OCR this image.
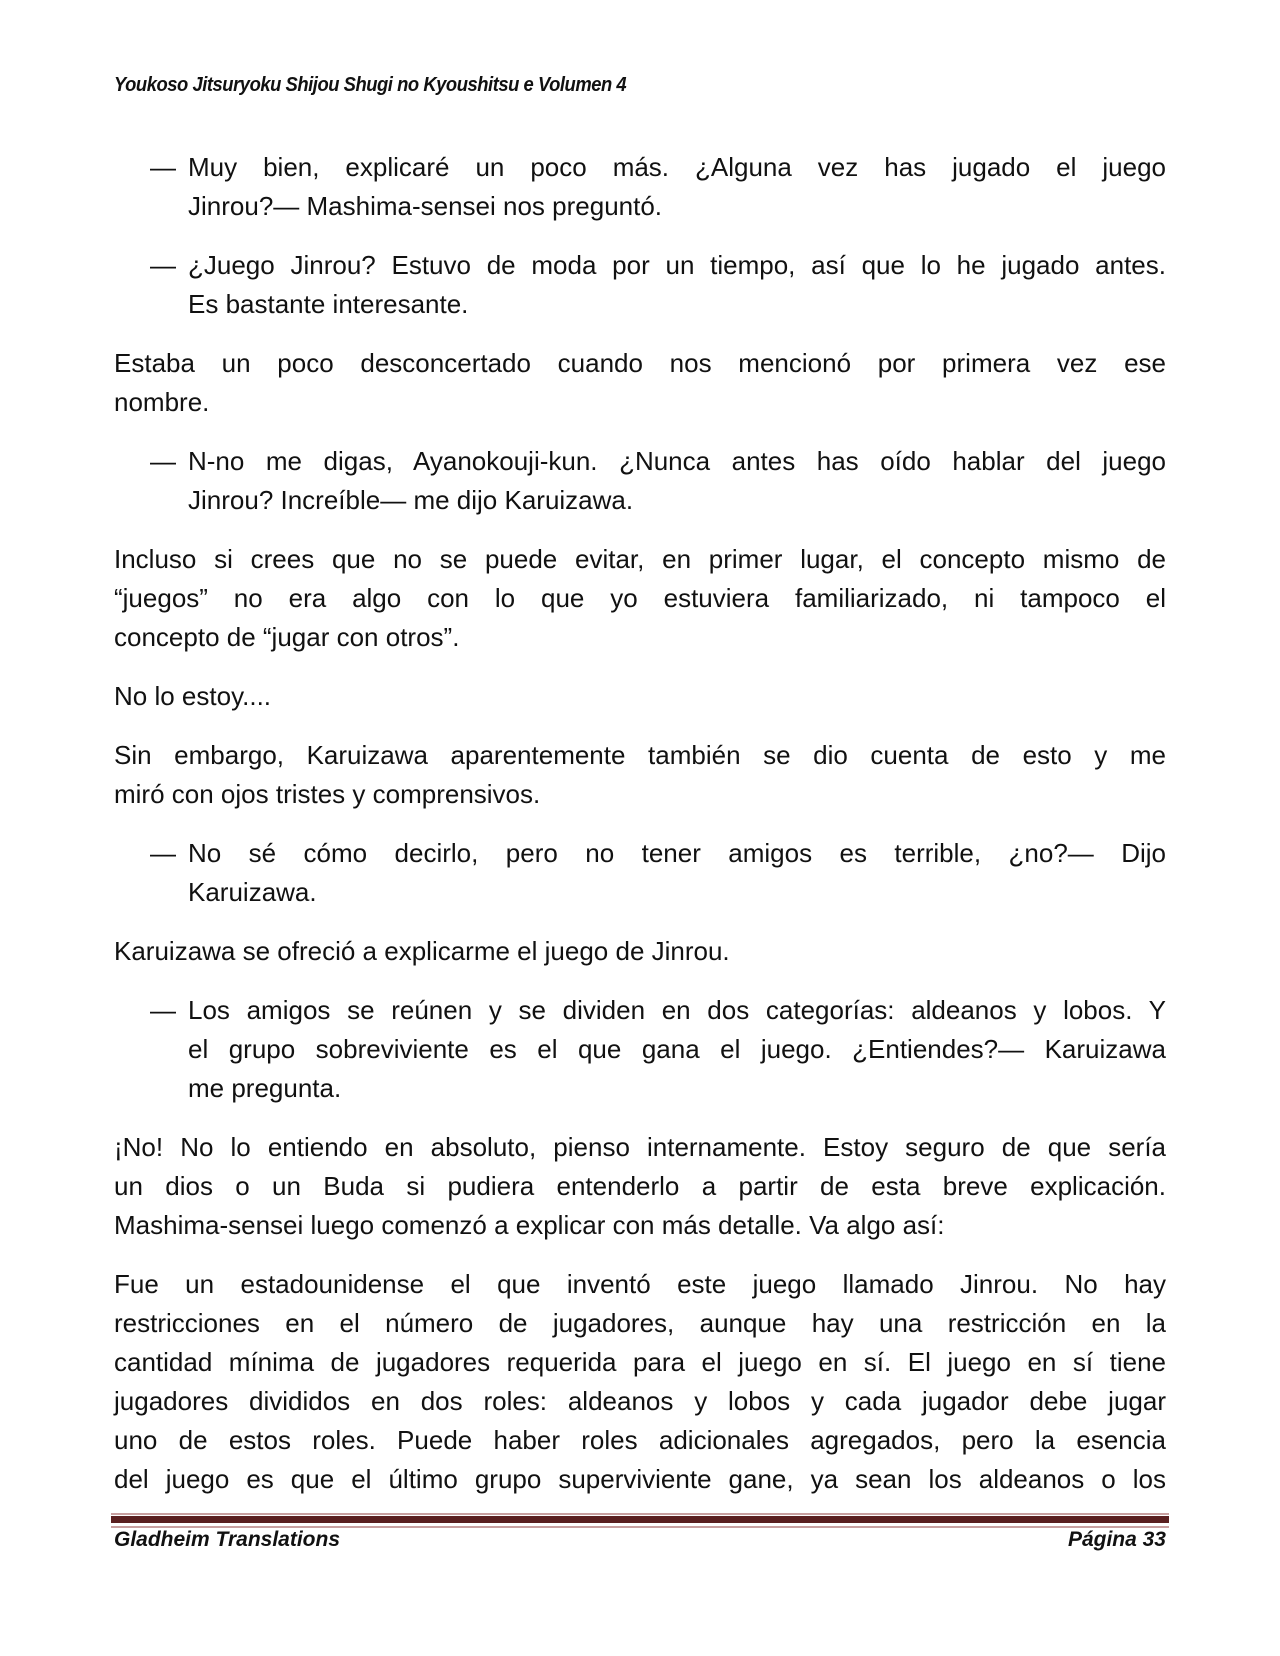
Youkoso Jitsuryoku Shijou Shugi no Kyoushitsu e Volumen 4
— Muy bien, explicaré un poco más. ¿Alguna vez has jugado el juego
Jinrou?— Mashima-sensei nos preguntó.
— ¿Juego Jinrou? Estuvo de moda por un tiempo, así que lo he jugado antes.
Es bastante interesante.
Estaba un poco desconcertado cuando nos mencionó por primera vez ese
nombre.
— N-no me digas, Ayanokouji-kun. ¿Nunca antes has oído hablar del juego
Jinrou? Increíble— me dijo Karuizawa.
Incluso si crees que no se puede evitar, en primer lugar, el concepto mismo de
“juegos” no era algo con lo que yo estuviera familiarizado, ni tampoco el
concepto de “jugar con otros”.
No lo estoy....
Sin embargo, Karuizawa aparentemente también se dio cuenta de esto y me
miró con ojos tristes y comprensivos.
— No sé cómo decirlo, pero no tener amigos es terrible, ¿no?— Dijo
Karuizawa.
Karuizawa se ofreció a explicarme el juego de Jinrou.
— Los amigos se reúnen y se dividen en dos categorías: aldeanos y lobos. Y
el grupo sobreviviente es el que gana el juego. ¿Entiendes?— Karuizawa
me pregunta.
¡No! No lo entiendo en absoluto, pienso internamente. Estoy seguro de que sería
un dios o un Buda si pudiera entenderlo a partir de esta breve explicación.
Mashima-sensei luego comenzó a explicar con más detalle. Va algo así:
Fue un estadounidense el que inventó este juego llamado Jinrou. No hay
restricciones en el número de jugadores, aunque hay una restricción en la
cantidad mínima de jugadores requerida para el juego en sí. El juego en sí tiene
jugadores divididos en dos roles: aldeanos y lobos y cada jugador debe jugar
uno de estos roles. Puede haber roles adicionales agregados, pero la esencia
del juego es que el último grupo superviviente gane, ya sean los aldeanos o los
Gladheim Translations	Página 33
